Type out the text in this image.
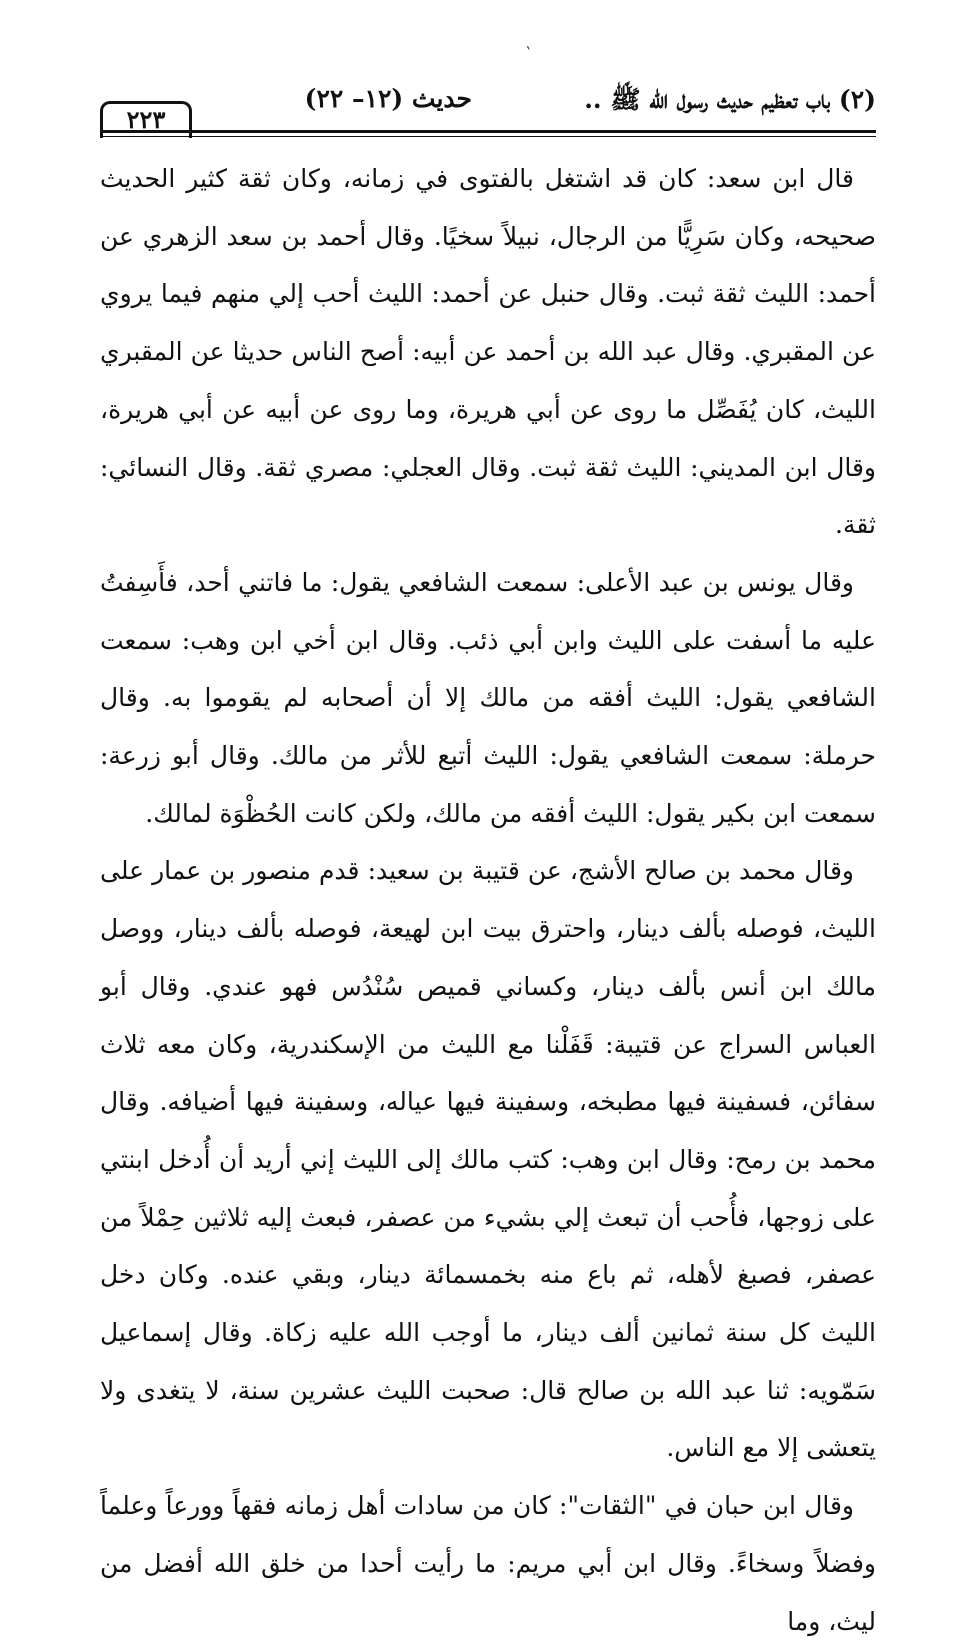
ˎ
(٢) باب تعظيم حديث رسول الله ﷺ ..
حديث (١٢– ٢٢)
٢٢٣

قال ابن سعد: كان قد اشتغل بالفتوى في زمانه، وكان ثقة كثير الحديث صحيحه، وكان سَرِيًّا من الرجال، نبيلاً سخيًا. وقال أحمد بن سعد الزهري عن أحمد: الليث ثقة ثبت. وقال حنبل عن أحمد: الليث أحب إلي منهم فيما يروي عن المقبري. وقال عبد الله بن أحمد عن أبيه: أصح الناس حديثا عن المقبري الليث، كان يُفَصِّل ما روى عن أبي هريرة، وما روى عن أبيه عن أبي هريرة، وقال ابن المديني: الليث ثقة ثبت. وقال العجلي: مصري ثقة. وقال النسائي: ثقة.

وقال يونس بن عبد الأعلى: سمعت الشافعي يقول: ما فاتني أحد، فأَسِفتُ عليه ما أسفت على الليث وابن أبي ذئب. وقال ابن أخي ابن وهب: سمعت الشافعي يقول: الليث أفقه من مالك إلا أن أصحابه لم يقوموا به. وقال حرملة: سمعت الشافعي يقول: الليث أتبع للأثر من مالك. وقال أبو زرعة: سمعت ابن بكير يقول: الليث أفقه من مالك، ولكن كانت الحُظْوَة لمالك.

وقال محمد بن صالح الأشج، عن قتيبة بن سعيد: قدم منصور بن عمار على الليث، فوصله بألف دينار، واحترق بيت ابن لهيعة، فوصله بألف دينار، ووصل مالك ابن أنس بألف دينار، وكساني قميص سُنْدُس فهو عندي. وقال أبو العباس السراج عن قتيبة: قَفَلْنا مع الليث من الإسكندرية، وكان معه ثلاث سفائن، فسفينة فيها مطبخه، وسفينة فيها عياله، وسفينة فيها أضيافه. وقال محمد بن رمح: وقال ابن وهب: كتب مالك إلى الليث إني أريد أن أُدخل ابنتي على زوجها، فأُحب أن تبعث إلي بشيء من عصفر، فبعث إليه ثلاثين حِمْلاً من عصفر، فصبغ لأهله، ثم باع منه بخمسمائة دينار، وبقي عنده. وكان دخل الليث كل سنة ثمانين ألف دينار، ما أوجب الله عليه زكاة. وقال إسماعيل سَمّويه: ثنا عبد الله بن صالح قال: صحبت الليث عشرين سنة، لا يتغدى ولا يتعشى إلا مع الناس.

وقال ابن حبان في "الثقات": كان من سادات أهل زمانه فقهاً وورعاً وعلماً وفضلاً وسخاءً. وقال ابن أبي مريم: ما رأيت أحدا من خلق الله أفضل من ليث، وما
